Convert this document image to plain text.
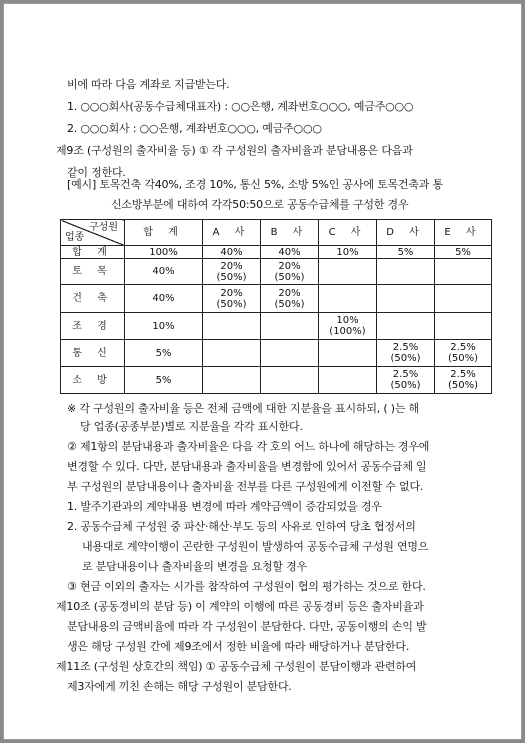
비에 따라 다음 계좌로 지급받는다.
1. ○○○회사(공동수급체대표자) : ○○은행, 계좌번호○○○, 예금주○○○
2. ○○○회사 : ○○은행, 계좌번호○○○, 예금주○○○
제9조 (구성원의 출자비율 등) ① 각 구성원의 출자비율과 분담내용은 다음과
같이 정한다.
[예시] 토목건축 각40%, 조경 10%, 통신 5%, 소방 5%인 공사에 토목건축과 통
신소방부분에 대하여 각각50:50으로 공동수급체를 구성한 경우
구성원
업종	합 계	A 사	B 사	C 사	D 사	E 사
합 계	100%	40%	40%	10%	5%	5%
토 목	40%	20%
(50%)	20%
(50%)			
건 축	40%	20%
(50%)	20%
(50%)			
조 경	10%			10%
(100%)		
통 신	5%				2.5%
(50%)	2.5%
(50%)
소 방	5%				2.5%
(50%)	2.5%
(50%)
※ 각 구성원의 출자비율 등은 전체 금액에 대한 지분율을 표시하되, ( )는 해
당 업종(공종부분)별로 지분율을 각각 표시한다.
② 제1항의 분담내용과 출자비율은 다음 각 호의 어느 하나에 해당하는 경우에
변경할 수 있다. 다만, 분담내용과 출자비율을 변경함에 있어서 공동수급체 일
부 구성원의 분담내용이나 출자비율 전부를 다른 구성원에게 이전할 수 없다.
1. 발주기관과의 계약내용 변경에 따라 계약금액이 증감되었을 경우
2. 공동수급체 구성원 중 파산·해산·부도 등의 사유로 인하여 당초 협정서의
내용대로 계약이행이 곤란한 구성원이 발생하여 공동수급체 구성원 연명으
로 분담내용이나 출자비율의 변경을 요청할 경우
③ 현금 이외의 출자는 시가를 참작하여 구성원이 협의 평가하는 것으로 한다.
제10조 (공동경비의 분담 등) 이 계약의 이행에 따른 공동경비 등은 출자비율과
분담내용의 금액비율에 따라 각 구성원이 분담한다. 다만, 공동이행의 손익 발
생은 해당 구성원 간에 제9조에서 정한 비율에 따라 배당하거나 분담한다.
제11조 (구성원 상호간의 책임) ① 공동수급체 구성원이 분담이행과 관련하여
제3자에게 끼친 손해는 해당 구성원이 분담한다.
